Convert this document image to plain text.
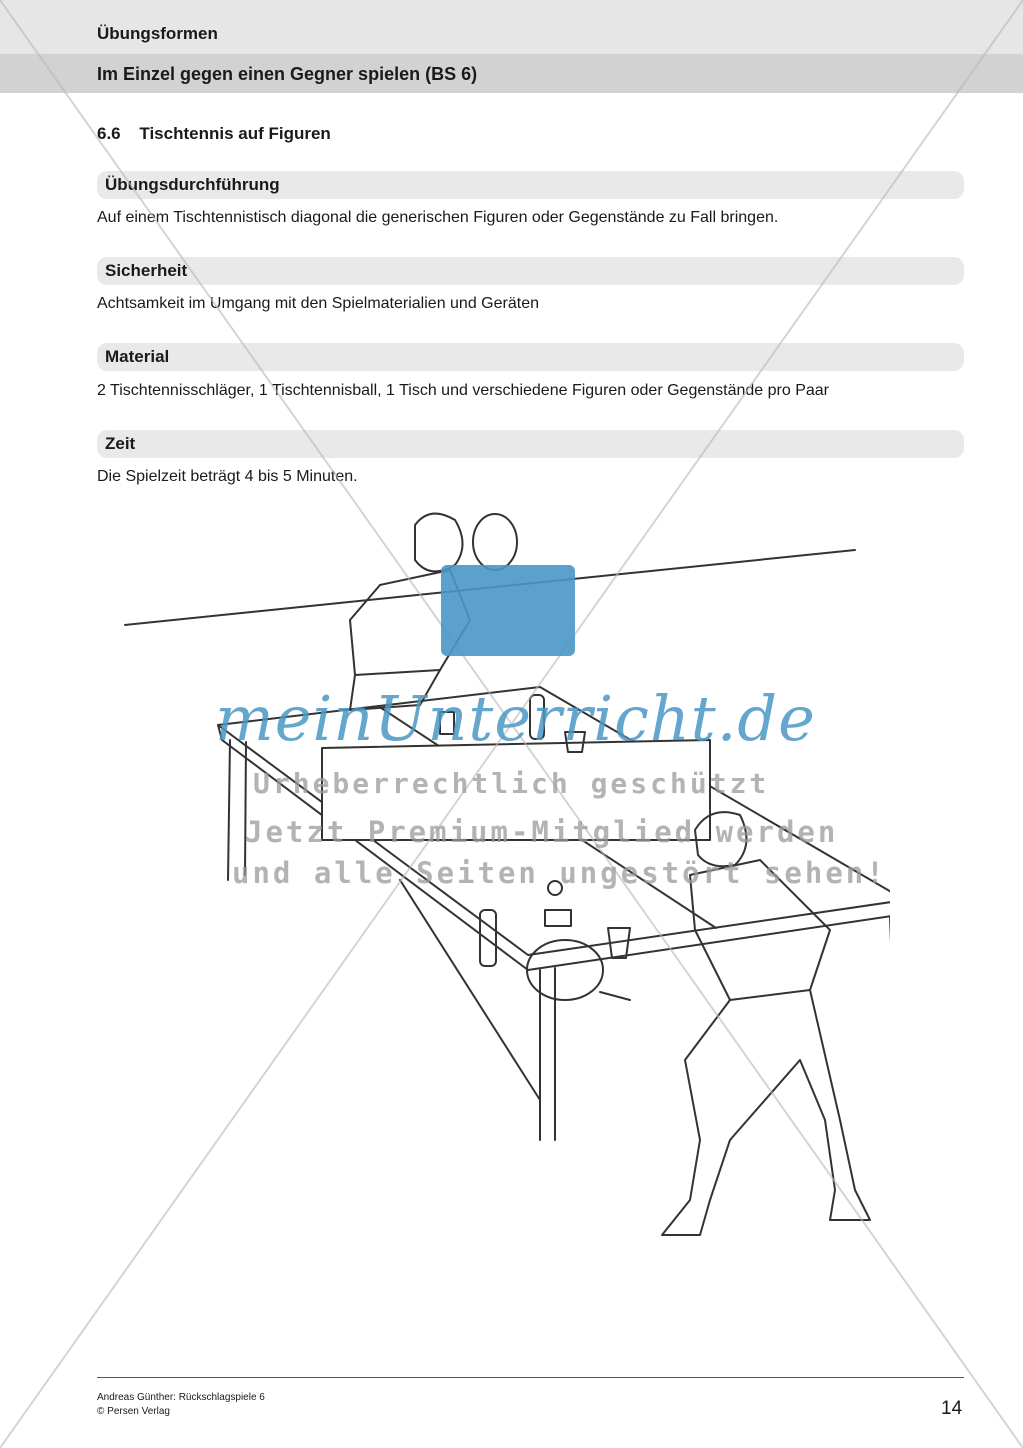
Übungsformen
Im Einzel gegen einen Gegner spielen (BS 6)
6.6 Tischtennis auf Figuren
Übungsdurchführung
Auf einem Tischtennistisch diagonal die generischen Figuren oder Gegenstände zu Fall bringen.
Sicherheit
Achtsamkeit im Umgang mit den Spielmaterialien und Geräten
Material
2 Tischtennisschläger, 1 Tischtennisball, 1 Tisch und verschiedene Figuren oder Gegenstände pro Paar
Zeit
Die Spielzeit beträgt 4 bis 5 Minuten.
meinUnterricht.de
Urheberrechtlich geschützt
Jetzt Premium-Mitglied werden
und alle Seiten ungestört sehen!
Andreas Günther: Rückschlagspiele 6
© Persen Verlag	14
